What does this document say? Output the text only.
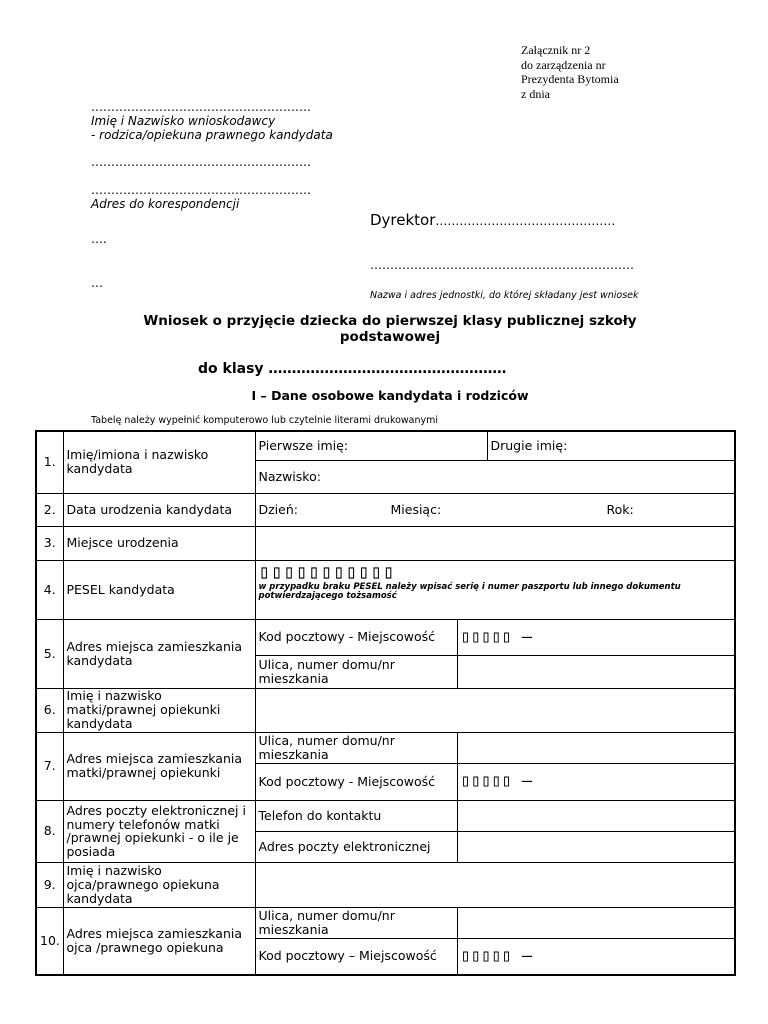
Załącznik nr 2
do zarządzenia nr
Prezydenta Bytomia
z dnia
……………………………………………….
Imię i Nazwisko wnioskodawcy
- rodzica/opiekuna prawnego kandydata
……………………………………………….
……………………………………………….
Adres do korespondencji
….
…
Dyrektor………………………………………
…………………………………………………………
Nazwa i adres jednostki, do której składany jest wniosek
Wniosek o przyjęcie dziecka do pierwszej klasy publicznej szkoły
podstawowej
do klasy ……………………………………………
I – Dane osobowe kandydata i rodziców
Tabelę należy wypełnić komputerowo lub czytelnie literami drukowanymi
1.	Imię/imiona i nazwisko kandydata	Pierwsze imię:		Drugie imię:
		Nazwisko:		
2.	Data urodzenia kandydata	Dzień: Miesiąc: Rok:		
3.	Miejsce urodzenia			
4.	PESEL kandydata	▯▯▯▯▯▯▯▯▯▯▯
w przypadku braku PESEL należy wpisać serię i numer paszportu lub innego dokumentu potwierdzającego tożsamość		

5.	Adres miejsca zamieszkania kandydata	Kod pocztowy - Miejscowość	▯▯▯▯▯ –	
		Ulica, numer domu/nr mieszkania		
6.	Imię i nazwisko matki/prawnej opiekunki kandydata			
7.	Adres miejsca zamieszkania matki/prawnej opiekunki	Ulica, numer domu/nr mieszkania		
		Kod pocztowy - Miejscowość	▯▯▯▯▯ –	
8.	Adres poczty elektronicznej i numery telefonów matki /prawnej opiekunki - o ile je posiada	Telefon do kontaktu		
		Adres poczty elektronicznej		
9.	Imię i nazwisko ojca/prawnego opiekuna kandydata			
10.	Adres miejsca zamieszkania ojca /prawnego opiekuna	Ulica, numer domu/nr mieszkania		
		Kod pocztowy – Miejscowość	▯▯▯▯▯ –	
